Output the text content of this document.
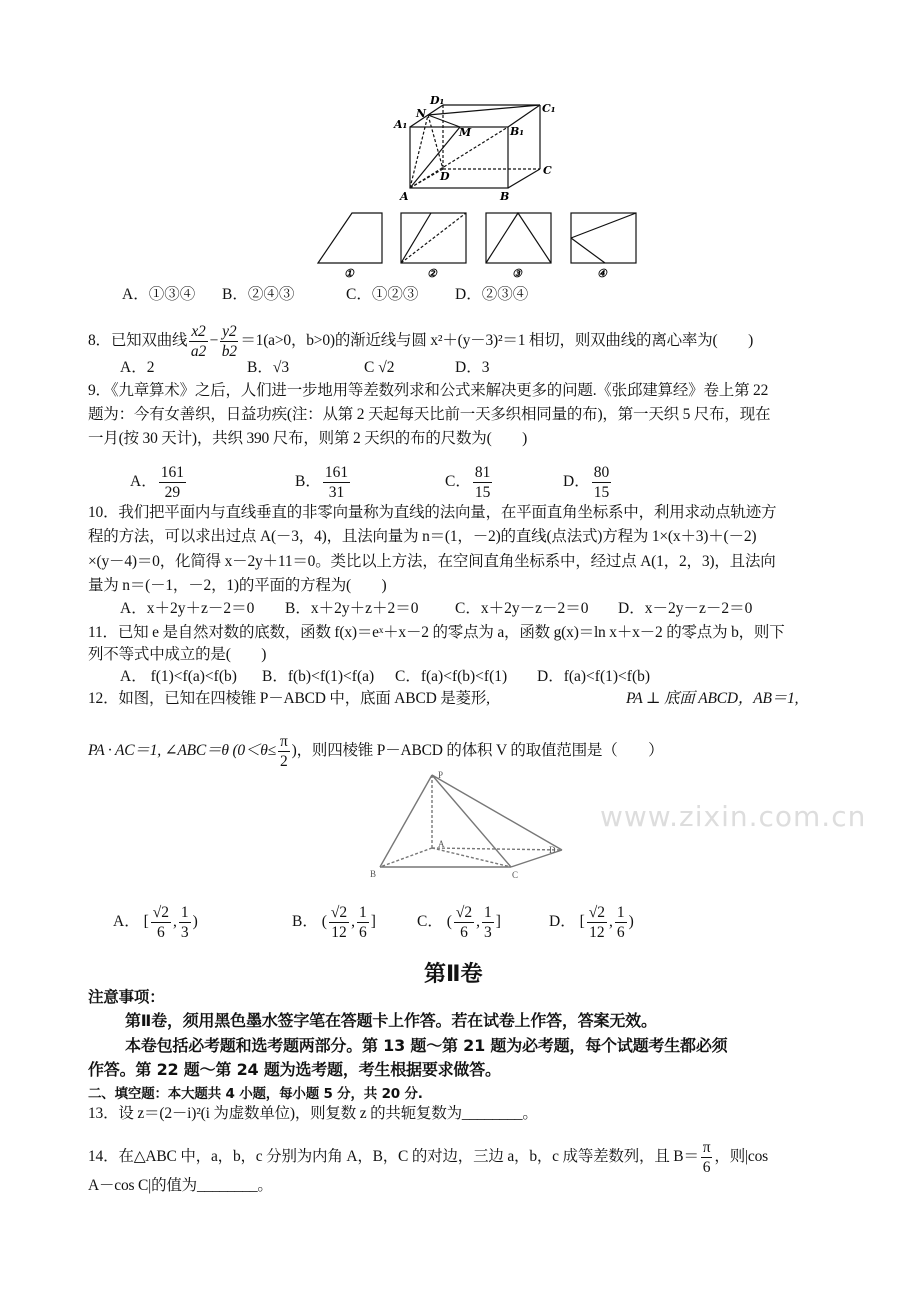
www.zixin.com.cn
D₁
C₁
A₁
N
M	B₁
D	C
A	B
①	②	③	④
A．①③④ B．②④③	C．①②③ D．②③④
8．已知双曲线 $\frac{x2}{a2} - \frac{y2}{b2} =1(a>0$，b>0)的渐近线与圆 x²＋(y－3)²＝1 相切，则双曲线的离心率为(　　)
A．2	B．√3	C √2	D．3
9．《九章算术》之后，人们进一步地用等差数列求和公式来解决更多的问题.《张邱建算经》卷上第 22
题为：今有女善织，日益功疾(注：从第 2 天起每天比前一天多织相同量的布)，第一天织 5 尺布，现在
一月(按 30 天计)，共织 390 尺布，则第 2 天织的布的尺数为(　　)
A． $\frac{161}{29}$	B． $\frac{161}{31}$	C． $\frac{81}{15}$	D． $\frac{80}{15}$
10．我们把平面内与直线垂直的非零向量称为直线的法向量，在平面直角坐标系中，利用求动点轨迹方
程的方法，可以求出过点 A(－3，4)，且法向量为 n＝(1，－2)的直线(点法式)方程为 1×(x＋3)＋(－2)
×(y－4)＝0，化简得 x－2y＋11＝0。类比以上方法，在空间直角坐标系中，经过点 A(1，2，3)，且法向
量为 n＝(－1，－2，1)的平面的方程为(　　)
A．x＋2y＋z－2＝0 B．x＋2y＋z＋2＝0 C．x＋2y－z－2＝0 D．x－2y－z－2＝0
11．已知 e 是自然对数的底数，函数 f(x)＝eˣ＋x－2 的零点为 a，函数 g(x)＝ln x＋x－2 的零点为 b，则下
列不等式中成立的是(　　)
A． f(1)<f(a)<f(b) B．f(b)<f(1)<f(a) C．f(a)<f(b)<f(1) D．f(a)<f(1)<f(b)
12．如图，已知在四棱锥 P－ABCD 中，底面 ABCD 是菱形,	PA ⊥ 底面 ABCD，AB＝1,
PA · AC＝1, ∠ABC＝θ ($0<\theta\le \frac{\pi}{2}$ )，则四棱锥 P－ABCD 的体积 V 的取值范围是（　　）
P
A
B	C
D
A． [ $\frac{√2}{6}$ , $\frac{1}{3}$ )	B． ( $\frac{√2}{12}$ , $\frac{1}{6}$ ]	C． ( $\frac{√2}{6}$ , $\frac{1}{3}$ ]	D． [ $\frac{√2}{12}$ , $\frac{1}{6}$ )
第Ⅱ卷
注意事项：
第Ⅱ卷，须用黑色墨水签字笔在答题卡上作答。若在试卷上作答，答案无效。
本卷包括必考题和选考题两部分。第 13 题～第 21 题为必考题，每个试题考生都必须
作答。第 22 题～第 24 题为选考题，考生根据要求做答。
二、填空题：本大题共 4 小题，每小题 5 分，共 20 分.
13．设 z＝(2－i)²(i 为虚数单位)，则复数 z 的共轭复数为________。
14．在△ABC 中，a，b，c 分别为内角 A，B，C 的对边，三边 a，b，c 成等差数列，且 $B= \frac{\pi}{6}$ ，则|cos
A－cos C|的值为________。
